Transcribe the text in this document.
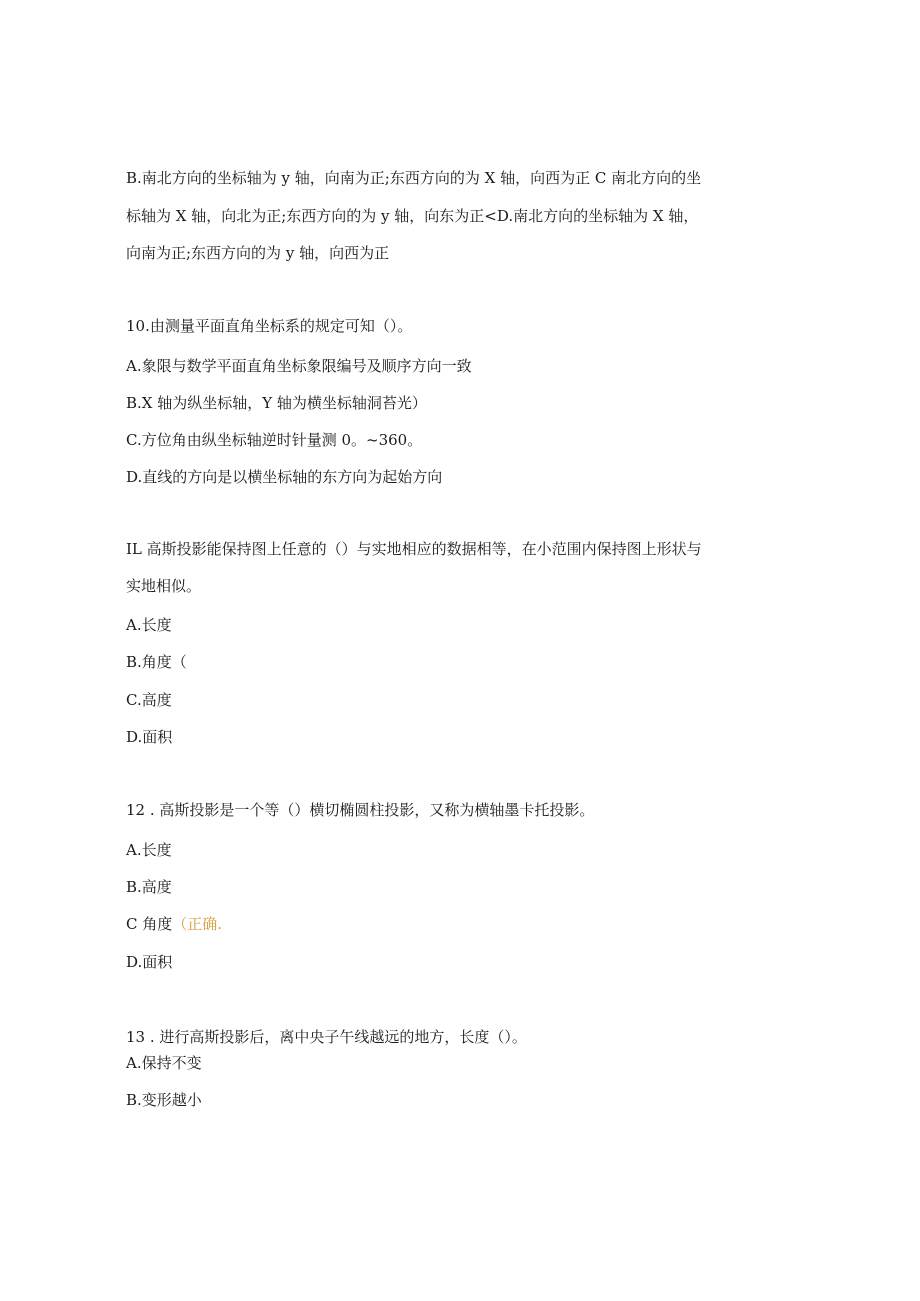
B.南北方向的坐标轴为 y 轴，向南为正;东西方向的为 X 轴，向西为正 C 南北方向的坐
标轴为 X 轴，向北为正;东西方向的为 y 轴，向东为正<D.南北方向的坐标轴为 X 轴，
向南为正;东西方向的为 y 轴，向西为正
10.由测量平面直角坐标系的规定可知（）。
A.象限与数学平面直角坐标象限编号及顺序方向一致
B.X 轴为纵坐标轴，Y 轴为横坐标轴洞苔光）
C.方位角由纵坐标轴逆时针量测 0。~360。
D.直线的方向是以横坐标轴的东方向为起始方向
IL 高斯投影能保持图上任意的（）与实地相应的数据相等，在小范围内保持图上形状与
实地相似。
A.长度
B.角度（
C.高度
D.面积
12 . 高斯投影是一个等（）横切椭圆柱投影，又称为横轴墨卡托投影。
A.长度
B.高度
C 角度（正确.
D.面积
13 . 进行高斯投影后，离中央子午线越远的地方，长度（）。
A.保持不变
B.变形越小
